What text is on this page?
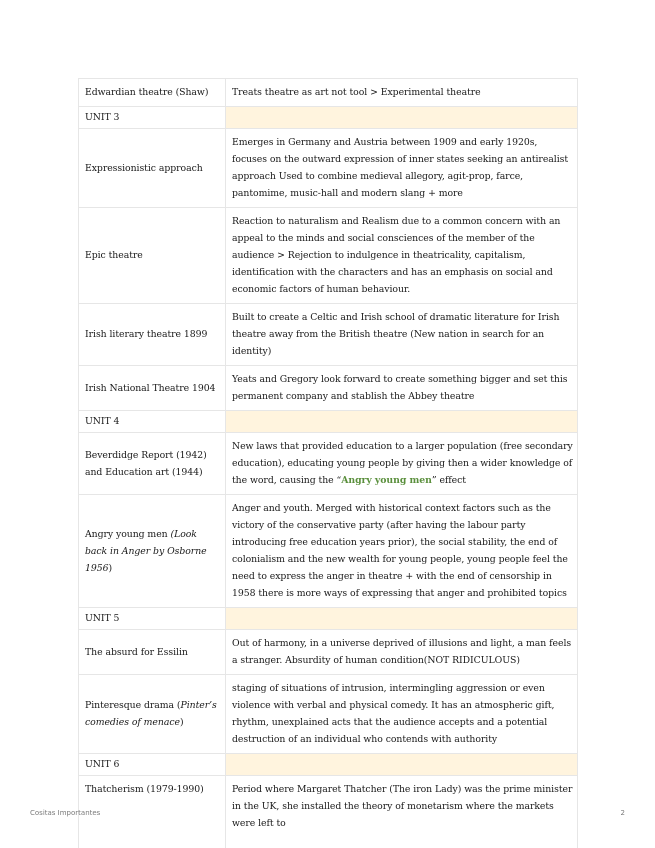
Edwardian theatre (Shaw)	Treats theatre as art not tool > Experimental theatre
UNIT 3	
Expressionistic approach	Emerges in Germany and Austria between 1909 and early 1920s, focuses on the outward expression of inner states seeking an antirealist approach Used to combine medieval allegory, agit-prop, farce, pantomime, music-hall and modern slang + more
Epic theatre	Reaction to naturalism and Realism due to a common concern with an appeal to the minds and social consciences of the member of the audience > Rejection to indulgence in theatricality, capitalism, identification with the characters and has an emphasis on social and economic factors of human behaviour.
Irish literary theatre 1899	Built to create a Celtic and Irish school of dramatic literature for Irish theatre away from the British theatre (New nation in search for an identity)
Irish National Theatre 1904	Yeats and Gregory look forward to create something bigger and set this permanent company and stablish the Abbey theatre
UNIT 4	
Beverdidge Report (1942) and Education art (1944)	New laws that provided education to a larger population (free secondary education), educating young people by giving then a wider knowledge of the word, causing the “Angry young men” effect
Angry young men (Look back in Anger by Osborne 1956)	Anger and youth. Merged with historical context factors such as the victory of the conservative party (after having the labour party introducing free education years prior), the social stability, the end of colonialism and the new wealth for young people, young people feel the need to express the anger in theatre + with the end of censorship in 1958 there is more ways of expressing that anger and prohibited topics
UNIT 5	
The absurd for Essilin	Out of harmony, in a universe deprived of illusions and light, a man feels a stranger. Absurdity of human condition(NOT RIDICULOUS)
Pinteresque drama (Pinter’s comedies of menace)	staging of situations of intrusion, intermingling aggression or even violence with verbal and physical comedy. It has an atmospheric gift, rhythm, unexplained acts that the audience accepts and a potential destruction of an individual who contends with authority
UNIT 6	
Thatcherism (1979-1990)	Period where Margaret Thatcher (The iron Lady) was the prime minister in the UK, she installed the theory of monetarism where the markets were left to
Cositas Importantes	2
